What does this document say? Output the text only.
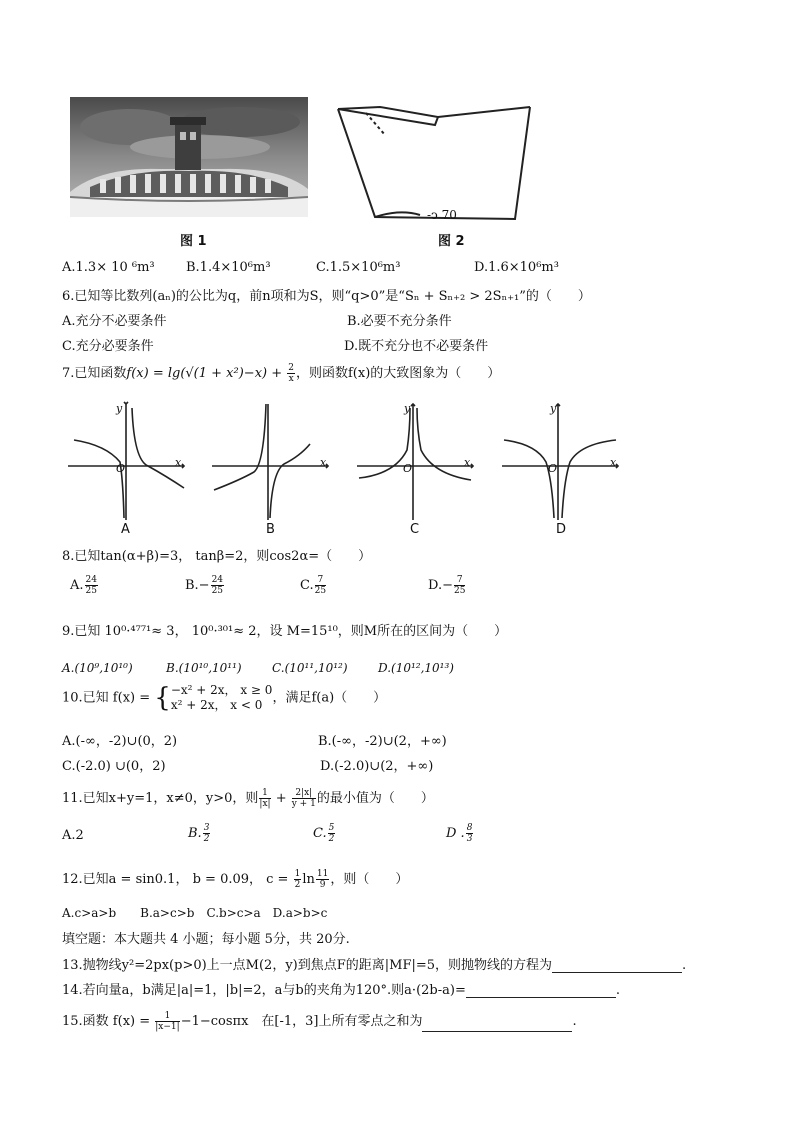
图 1
-ↄ 70
图 2
A.1.3× 10 ⁶m³ B.1.4×10⁶m³	C.1.5×10⁶m³	D.1.6×10⁶m³
6.已知等比数列(aₙ)的公比为q，前n项和为S，则“q>0”是“Sₙ + Sₙ₊₂ > 2Sₙ₊₁”的（　　）
A.充分不必要条件	B.必要不充分条件
C.充分必要条件	D.既不充分也不必要条件
7.已知函数$f(x) = \lg(√(1 + x^2)-x) + \frac{2}{x}$ ，则函数f(x)的大致图象为（　　）
y
x
O
A
x
B
y
x
O
C
y
x
O
D
8.已知tan(α+β)=3， tanβ=2，则cos2α=（　　）
A. $\frac{24}{25}$	$B.- \frac{24}{25}$	C. $\frac{7}{25}$	$D.- \frac{7}{25}$
9.已知 10⁰·⁴⁷⁷¹≈ 3， 10⁰·³⁰¹≈ 2，设 M=15¹⁰，则M所在的区间为（　　）
A.(10⁹,10¹⁰)	B.(10¹⁰,10¹¹)	C.(10¹¹,10¹²)	D.(10¹²,10¹³)
10.已知 f(x) = { −x² + 2x， x ≥ 0
x² + 2x， x < 0 ，满足f(a)（　　）
A.(-∞，-2)∪(0，2)	B.(-∞，-2)∪(2，+∞)
C.(-2.0) ∪(0，2)	D.(-2.0)∪(2，+∞)
11.已知x+y=1，x≠0，y>0，则 $\frac{1}{|x|} + \frac{2|x|}{y + 1}$ 的最小值为（　　）
A.2	B. $\frac{3}{2}$	C. $\frac{5}{2}$	D . $\frac{8}{3}$
12.已知a = sin0.1， b = 0.09， $c = \frac{1}{2}$ $\ln \frac{11}{9}$ ，则（　　）
A.c>a>b　　B.a>c>b　C.b>c>a　D.a>b>c
填空题：本大题共 4 小题；每小题 5分，共 20分.
13.抛物线y²=2px(p>0)上一点M(2，y)到焦点F的距离|MF|=5，则抛物线的方程为	.
14.若向量a，b满足|a|=1，|b|=2，a与b的夹角为120°.则a·(2b-a)=	.
15.函数 $f(x) = \frac{1}{|x-1|} -1-\cos\pi x$　在[-1，3]上所有零点之和为	.
